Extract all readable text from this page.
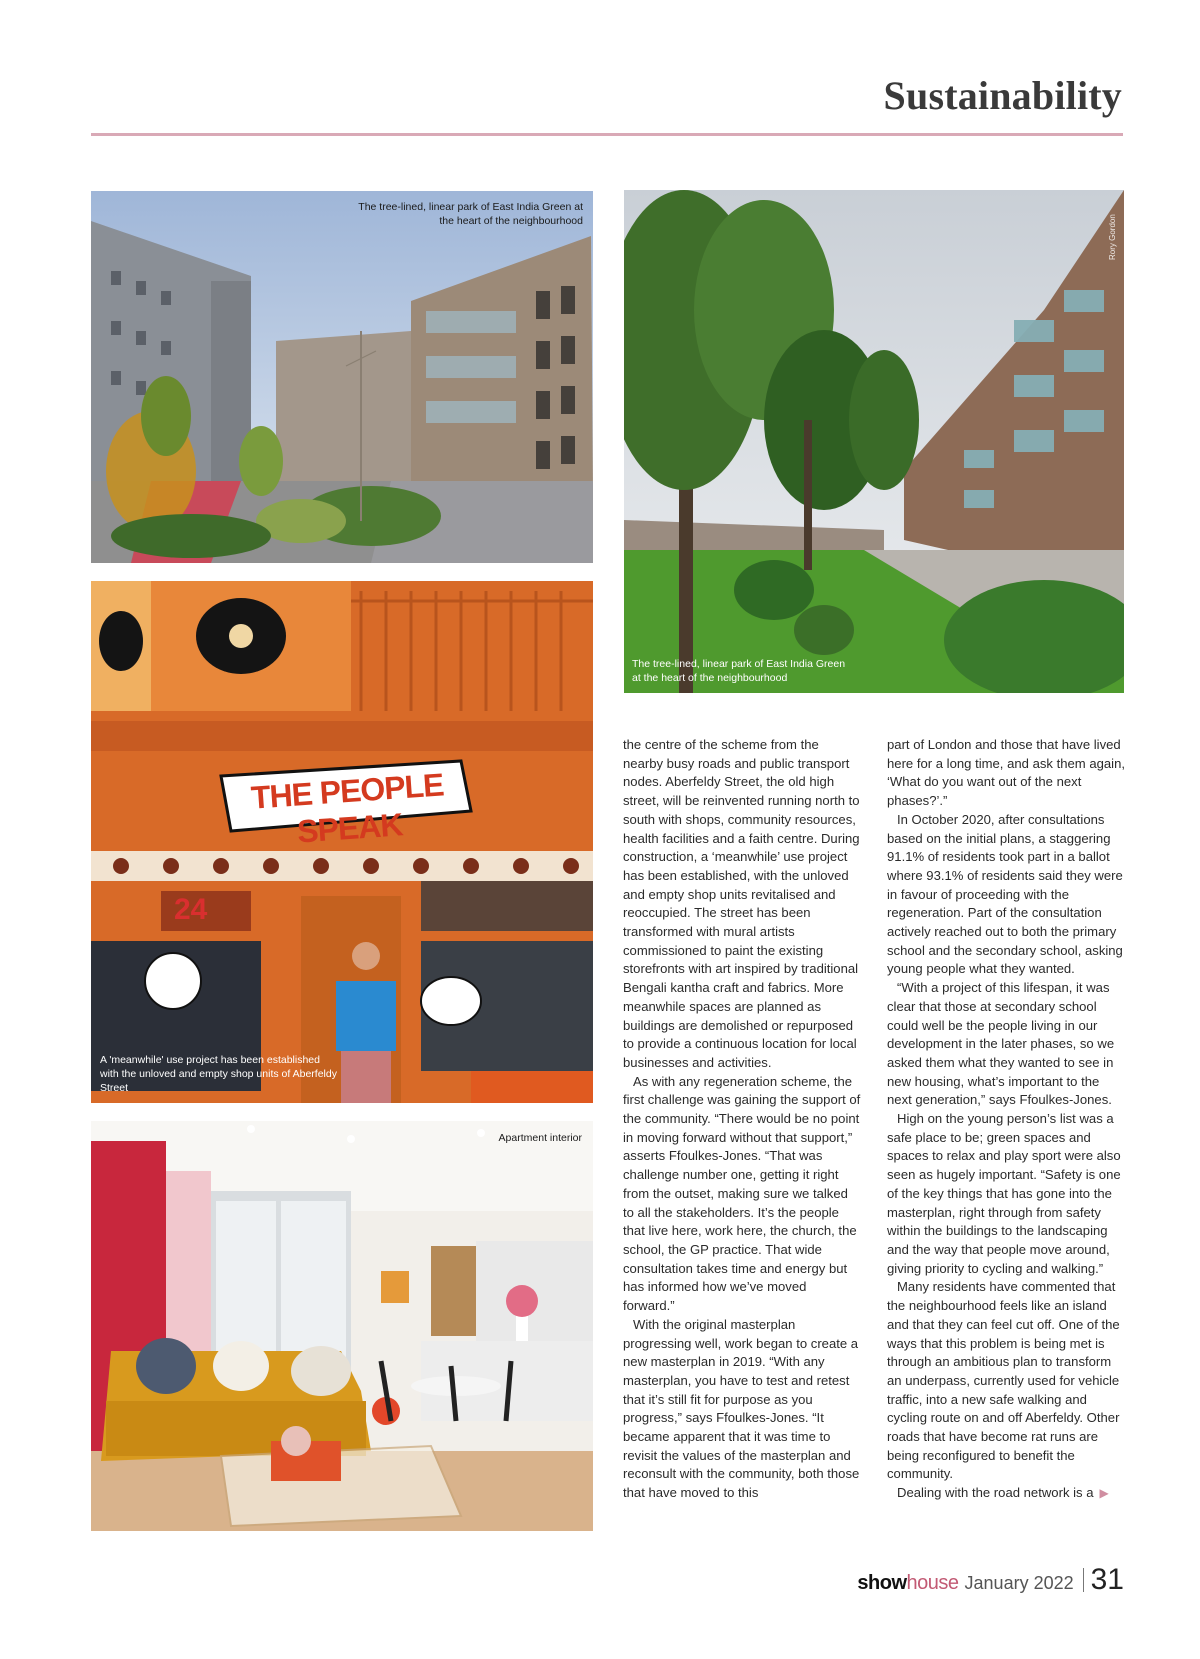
Sustainability
The tree-lined, linear park of East India Green at the heart of the neighbourhood
The tree-lined, linear park of East India Green at the heart of the neighbourhood
Rory Gordon
THE PEOPLE SPEAK
24
A 'meanwhile' use project has been established with the unloved and empty shop units of Aberfeldy Street
Apartment interior

the centre of the scheme from the nearby busy roads and public transport nodes. Aberfeldy Street, the old high street, will be reinvented running north to south with shops, community resources, health facilities and a faith centre. During construction, a ‘meanwhile’ use project has been established, with the unloved and empty shop units revitalised and reoccupied. The street has been transformed with mural artists commissioned to paint the existing storefronts with art inspired by traditional Bengali kantha craft and fabrics. More meanwhile spaces are planned as buildings are demolished or repurposed to provide a continuous location for local businesses and activities.

As with any regeneration scheme, the first challenge was gaining the support of the community. “There would be no point in moving forward without that support,” asserts Ffoulkes-Jones. “That was challenge number one, getting it right from the outset, making sure we talked to all the stakeholders. It’s the people that live here, work here, the church, the school, the GP practice. That wide consultation takes time and energy but has informed how we’ve moved forward.”

With the original masterplan progressing well, work began to create a new masterplan in 2019. “With any masterplan, you have to test and retest that it’s still fit for purpose as you progress,” says Ffoulkes-Jones. “It became apparent that it was time to revisit the values of the masterplan and reconsult with the community, both those that have moved to this

part of London and those that have lived here for a long time, and ask them again, ‘What do you want out of the next phases?’.”

In October 2020, after consultations based on the initial plans, a staggering 91.1% of residents took part in a ballot where 93.1% of residents said they were in favour of proceeding with the regeneration. Part of the consultation actively reached out to both the primary school and the secondary school, asking young people what they wanted.

“With a project of this lifespan, it was clear that those at secondary school could well be the people living in our development in the later phases, so we asked them what they wanted to see in new housing, what’s important to the next generation,” says Ffoulkes-Jones.

High on the young person’s list was a safe place to be; green spaces and spaces to relax and play sport were also seen as hugely important. “Safety is one of the key things that has gone into the masterplan, right through from safety within the buildings to the landscaping and the way that people move around, giving priority to cycling and walking.”

Many residents have commented that the neighbourhood feels like an island and that they can feel cut off. One of the ways that this problem is being met is through an ambitious plan to transform an underpass, currently used for vehicle traffic, into a new safe walking and cycling route on and off Aberfeldy. Other roads that have become rat runs are being reconfigured to benefit the community.

Dealing with the road network is a ▶

show house January 2022 31
